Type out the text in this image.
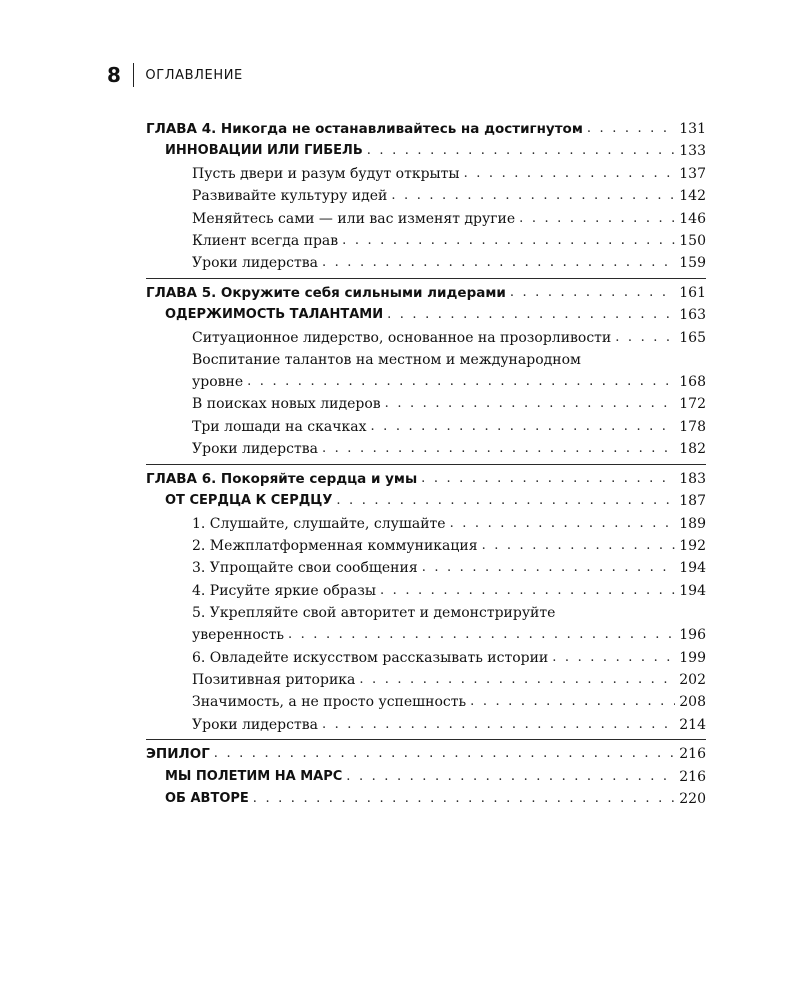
8 ОГЛАВЛЕНИЕ
ГЛАВА 4. Никогда не останавливайтесь на достигнутом . . .	131
ИННОВАЦИИ ИЛИ ГИБЕЛЬ . . .	133
Пусть двери и разум будут открыты . . .	137
Развивайте культуру идей . . .	142
Меняйтесь сами — или вас изменят другие . . .	146
Клиент всегда прав . . .	150
Уроки лидерства . . .	159
ГЛАВА 5. Окружите себя сильными лидерами . . .	161
ОДЕРЖИМОСТЬ ТАЛАНТАМИ . . .	163
Ситуационное лидерство, основанное на прозорливости . . .	165
Воспитание талантов на местном и международном
уровне . . .	168
В поисках новых лидеров . . .	172
Три лошади на скачках . . .	178
Уроки лидерства . . .	182
ГЛАВА 6. Покоряйте сердца и умы . . .	183
ОТ СЕРДЦА К СЕРДЦУ . . .	187
1. Слушайте, слушайте, слушайте . . .	189
2. Межплатформенная коммуникация . . .	192
3. Упрощайте свои сообщения . . .	194
4. Рисуйте яркие образы . . .	194
5. Укрепляйте свой авторитет и демонстрируйте
уверенность . . .	196
6. Овладейте искусством рассказывать истории . . .	199
Позитивная риторика . . .	202
Значимость, а не просто успешность . . .	208
Уроки лидерства . . .	214
ЭПИЛОГ . . .	216
МЫ ПОЛЕТИМ НА МАРС . . .	216
ОБ АВТОРЕ . . .	220
